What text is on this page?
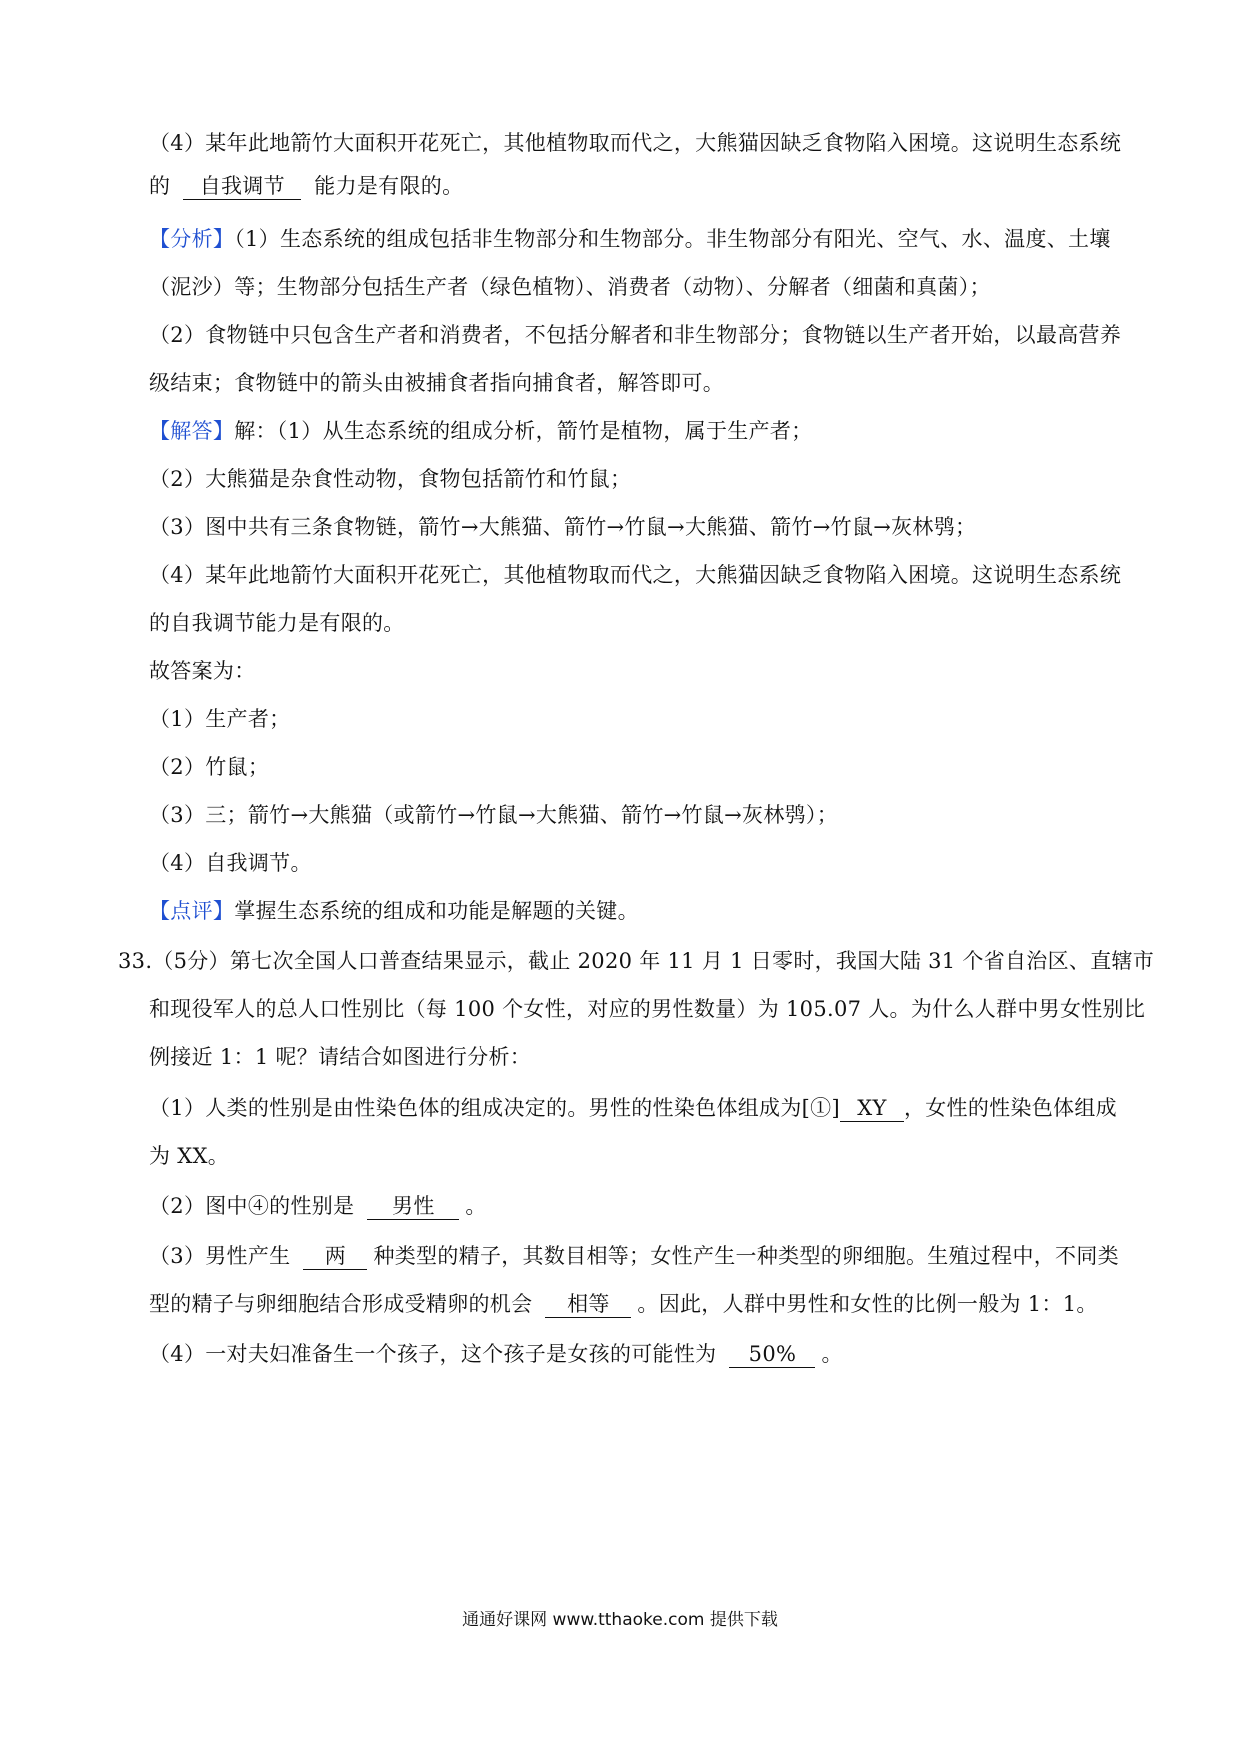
（4）某年此地箭竹大面积开花死亡，其他植物取而代之，大熊猫因缺乏食物陷入困境。这说明生态系统
的 自我调节 能力是有限的。
【分析】（1）生态系统的组成包括非生物部分和生物部分。非生物部分有阳光、空气、水、温度、土壤
（泥沙）等；生物部分包括生产者（绿色植物）、消费者（动物）、分解者（细菌和真菌）；
（2）食物链中只包含生产者和消费者，不包括分解者和非生物部分；食物链以生产者开始，以最高营养
级结束；食物链中的箭头由被捕食者指向捕食者，解答即可。
【解答】解：（1）从生态系统的组成分析，箭竹是植物，属于生产者；
（2）大熊猫是杂食性动物，食物包括箭竹和竹鼠；
（3）图中共有三条食物链，箭竹→大熊猫、箭竹→竹鼠→大熊猫、箭竹→竹鼠→灰林鸮；
（4）某年此地箭竹大面积开花死亡，其他植物取而代之，大熊猫因缺乏食物陷入困境。这说明生态系统
的自我调节能力是有限的。
故答案为：
（1）生产者；
（2）竹鼠；
（3）三；箭竹→大熊猫（或箭竹→竹鼠→大熊猫、箭竹→竹鼠→灰林鸮）；
（4）自我调节。
【点评】掌握生态系统的组成和功能是解题的关键。
33.（5分）第七次全国人口普查结果显示，截止 2020 年 11 月 1 日零时，我国大陆 31 个省自治区、直辖市
和现役军人的总人口性别比（每 100 个女性，对应的男性数量）为 105.07 人。为什么人群中男女性别比
例接近 1：1 呢？请结合如图进行分析：
（1）人类的性别是由性染色体的组成决定的。男性的性染色体组成为[①] XY ，女性的性染色体组成
为 XX。
（2）图中④的性别是 男性 。
（3）男性产生 两 种类型的精子，其数目相等；女性产生一种类型的卵细胞。生殖过程中，不同类
型的精子与卵细胞结合形成受精卵的机会 相等 。因此，人群中男性和女性的比例一般为 1：1。
（4）一对夫妇准备生一个孩子，这个孩子是女孩的可能性为 50% 。
通通好课网 www.tthaoke.com 提供下载
